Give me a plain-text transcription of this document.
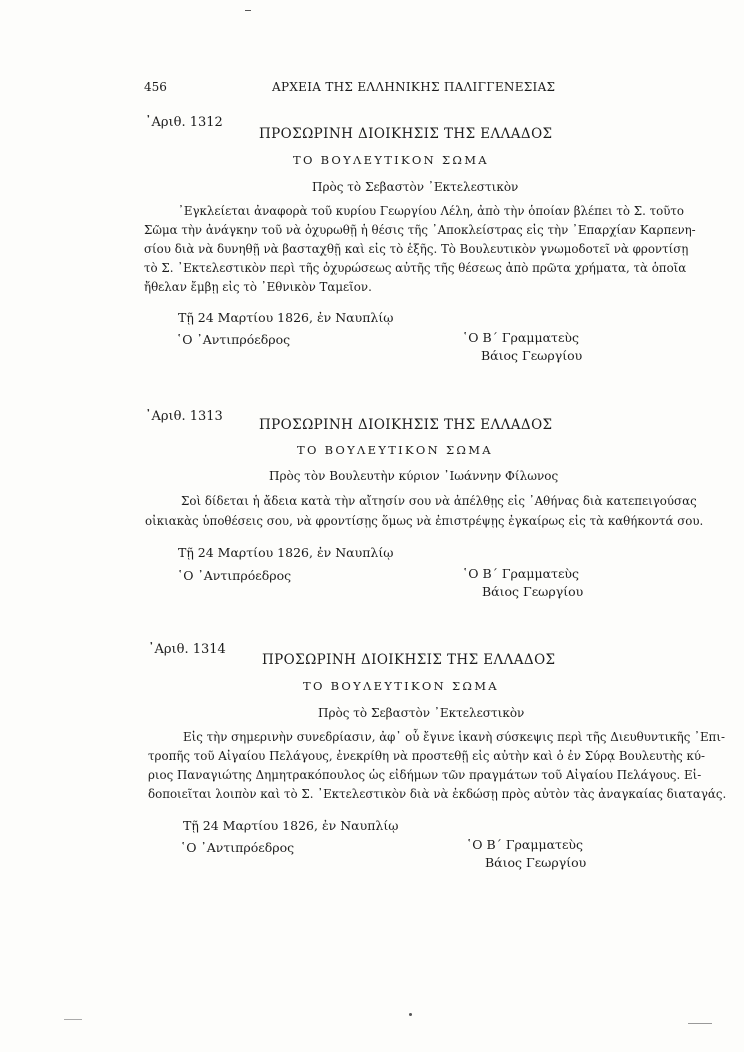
456	ΑΡΧΕΙΑ ΤΗΣ ΕΛΛΗΝΙΚΗΣ ΠΑΛΙΓΓΕΝΕΣΙΑΣ
᾽Αριθ. 1312
ΠΡΟΣΩΡΙΝΗ ΔΙΟΙΚΗΣΙΣ ΤΗΣ ΕΛΛΑΔΟΣ
ΤΟ ΒΟΥΛΕΥΤΙΚΟΝ ΣΩΜΑ
Πρὸς τὸ Σεβαστὸν ᾽Εκτελεστικὸν
᾽Εγκλείεται ἀναφορὰ τοῦ κυρίου Γεωργίου Λέλη, ἀπὸ τὴν ὁποίαν βλέπει τὸ Σ. τοῦτο
Σῶμα τὴν ἀνάγκην τοῦ νὰ ὀχυρωθῇ ἡ θέσις τῆς ᾽Αποκλείστρας εἰς τὴν ᾽Επαρχίαν Καρπενη-
σίου διὰ νὰ δυνηθῇ νὰ βασταχθῇ καὶ εἰς τὸ ἑξῆς. Τὸ Βουλευτικὸν γνωμοδοτεῖ νὰ φροντίσῃ
τὸ Σ. ᾽Εκτελεστικὸν περὶ τῆς ὀχυρώσεως αὐτῆς τῆς θέσεως ἀπὸ πρῶτα χρήματα, τὰ ὁποῖα
ἤθελαν ἔμβῃ εἰς τὸ ᾽Εθνικὸν Ταμεῖον.
Τῇ 24 Μαρτίου 1826, ἐν Ναυπλίῳ
῾Ο ᾽Αντιπρόεδρος	῾Ο Β΄ Γραμματεὺς
Βάιος Γεωργίου
᾽Αριθ. 1313
ΠΡΟΣΩΡΙΝΗ ΔΙΟΙΚΗΣΙΣ ΤΗΣ ΕΛΛΑΔΟΣ
ΤΟ ΒΟΥΛΕΥΤΙΚΟΝ ΣΩΜΑ
Πρὸς τὸν Βουλευτὴν κύριον ᾽Ιωάννην Φίλωνος
Σοὶ δίδεται ἡ ἄδεια κατὰ τὴν αἴτησίν σου νὰ ἀπέλθῃς εἰς ᾽Αθήνας διὰ κατεπειγούσας
οἰκιακὰς ὑποθέσεις σου, νὰ φροντίσῃς ὅμως νὰ ἐπιστρέψῃς ἐγκαίρως εἰς τὰ καθήκοντά σου.
Τῇ 24 Μαρτίου 1826, ἐν Ναυπλίῳ
῾Ο ᾽Αντιπρόεδρος	῾Ο Β΄ Γραμματεὺς
Βάιος Γεωργίου
᾽Αριθ. 1314
ΠΡΟΣΩΡΙΝΗ ΔΙΟΙΚΗΣΙΣ ΤΗΣ ΕΛΛΑΔΟΣ
ΤΟ ΒΟΥΛΕΥΤΙΚΟΝ ΣΩΜΑ
Πρὸς τὸ Σεβαστὸν ᾽Εκτελεστικὸν
Εἰς τὴν σημερινὴν συνεδρίασιν, ἀφ᾽ οὗ ἔγινε ἱκανὴ σύσκεψις περὶ τῆς Διευθυντικῆς ᾽Επι-
τροπῆς τοῦ Αἰγαίου Πελάγους, ἐνεκρίθη νὰ προστεθῇ εἰς αὐτὴν καὶ ὁ ἐν Σύρᾳ Βουλευτὴς κύ-
ριος Παναγιώτης Δημητρακόπουλος ὡς εἰδήμων τῶν πραγμάτων τοῦ Αἰγαίου Πελάγους. Εἰ-
δοποιεῖται λοιπὸν καὶ τὸ Σ. ᾽Εκτελεστικὸν διὰ νὰ ἐκδώσῃ πρὸς αὐτὸν τὰς ἀναγκαίας διαταγάς.
Τῇ 24 Μαρτίου 1826, ἐν Ναυπλίῳ
῾Ο ᾽Αντιπρόεδρος	῾Ο Β΄ Γραμματεὺς
Βάιος Γεωργίου
